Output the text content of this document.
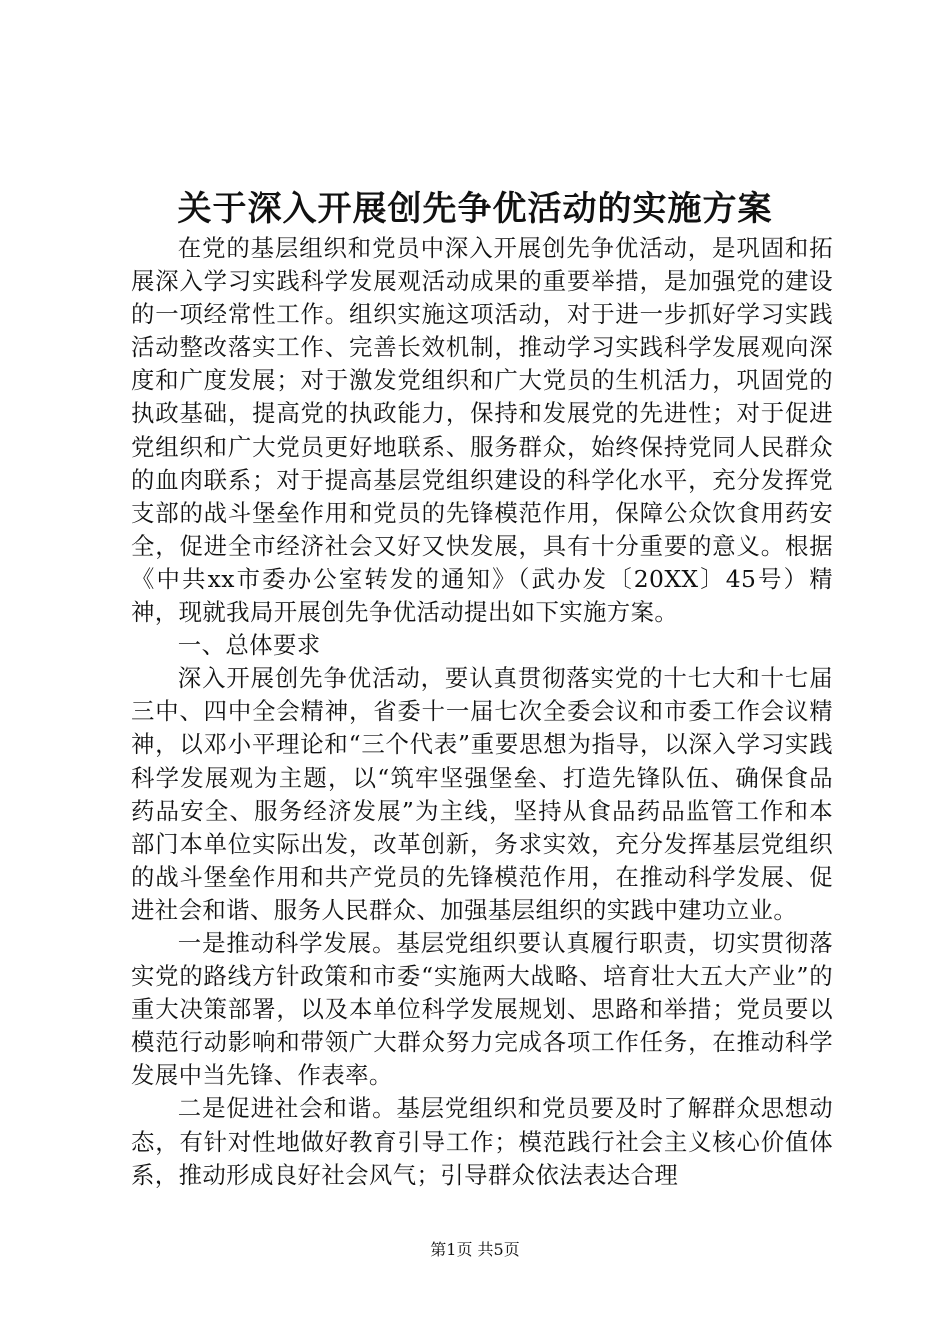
关于深入开展创先争优活动的实施方案

在党的基层组织和党员中深入开展创先争优活动，是巩固和拓展深入学习实践科学发展观活动成果的重要举措，是加强党的建设的一项经常性工作。组织实施这项活动，对于进一步抓好学习实践活动整改落实工作、完善长效机制，推动学习实践科学发展观向深度和广度发展；对于激发党组织和广大党员的生机活力，巩固党的执政基础，提高党的执政能力，保持和发展党的先进性；对于促进党组织和广大党员更好地联系、服务群众，始终保持党同人民群众的血肉联系；对于提高基层党组织建设的科学化水平，充分发挥党支部的战斗堡垒作用和党员的先锋模范作用，保障公众饮食用药安全，促进全市经济社会又好又快发展，具有十分重要的意义。根据《中共xx市委办公室转发的通知》（武办发〔20XX〕45号）精神，现就我局开展创先争优活动提出如下实施方案。

一、总体要求

深入开展创先争优活动，要认真贯彻落实党的十七大和十七届三中、四中全会精神，省委十一届七次全委会议和市委工作会议精神，以邓小平理论和“三个代表”重要思想为指导，以深入学习实践科学发展观为主题，以“筑牢坚强堡垒、打造先锋队伍、确保食品药品安全、服务经济发展”为主线，坚持从食品药品监管工作和本部门本单位实际出发，改革创新，务求实效，充分发挥基层党组织的战斗堡垒作用和共产党员的先锋模范作用，在推动科学发展、促进社会和谐、服务人民群众、加强基层组织的实践中建功立业。

一是推动科学发展。基层党组织要认真履行职责，切实贯彻落实党的路线方针政策和市委“实施两大战略、培育壮大五大产业”的重大决策部署，以及本单位科学发展规划、思路和举措；党员要以模范行动影响和带领广大群众努力完成各项工作任务，在推动科学发展中当先锋、作表率。

二是促进社会和谐。基层党组织和党员要及时了解群众思想动态，有针对性地做好教育引导工作；模范践行社会主义核心价值体系，推动形成良好社会风气；引导群众依法表达合理

第1页 共5页
